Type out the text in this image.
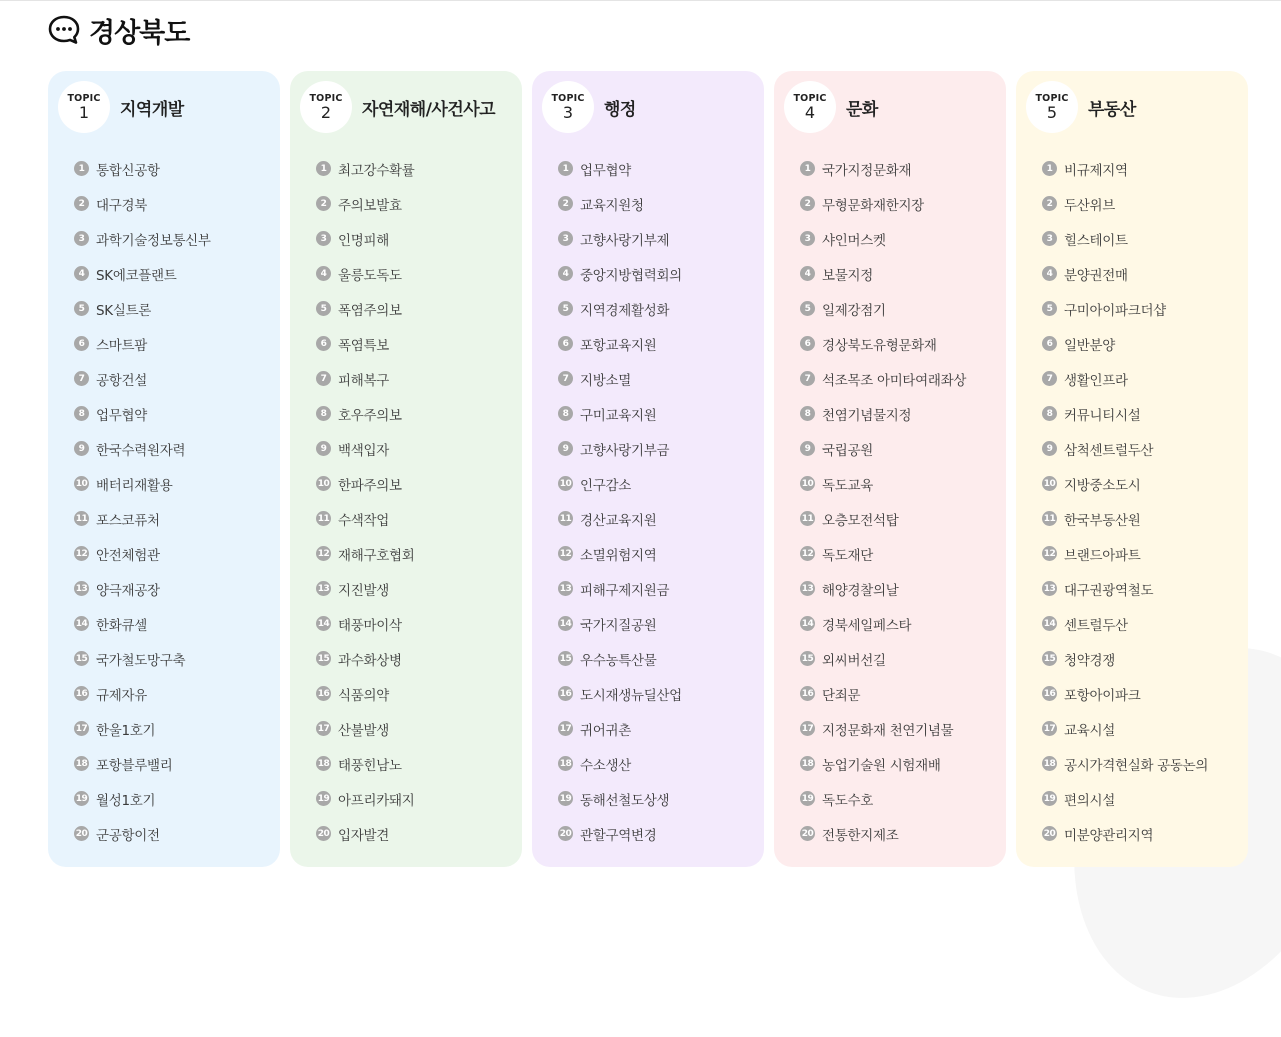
경상북도
TOPIC
1 지역개발
1 통합신공항
2 대구경북
3 과학기술정보통신부
4 SK에코플랜트
5 SK실트론
6 스마트팜
7 공항건설
8 업무협약
9 한국수력원자력
10 배터리재활용
11 포스코퓨처
12 안전체험관
13 양극재공장
14 한화큐셀
15 국가철도망구축
16 규제자유
17 한울1호기
18 포항블루밸리
19 월성1호기
20 군공항이전
TOPIC
2 자연재해/사건사고
1 최고강수확률
2 주의보발효
3 인명피해
4 울릉도독도
5 폭염주의보
6 폭염특보
7 피해복구
8 호우주의보
9 백색입자
10 한파주의보
11 수색작업
12 재해구호협회
13 지진발생
14 태풍마이삭
15 과수화상병
16 식품의약
17 산불발생
18 태풍힌남노
19 아프리카돼지
20 입자발견
TOPIC
3 행정
1 업무협약
2 교육지원청
3 고향사랑기부제
4 중앙지방협력회의
5 지역경제활성화
6 포항교육지원
7 지방소멸
8 구미교육지원
9 고향사랑기부금
10 인구감소
11 경산교육지원
12 소멸위험지역
13 피해구제지원금
14 국가지질공원
15 우수농특산물
16 도시재생뉴딜산업
17 귀어귀촌
18 수소생산
19 동해선철도상생
20 관할구역변경
TOPIC
4 문화
1 국가지정문화재
2 무형문화재한지장
3 샤인머스켓
4 보물지정
5 일제강점기
6 경상북도유형문화재
7 석조목조 아미타여래좌상
8 천염기념물지정
9 국립공원
10 독도교육
11 오층모전석탑
12 독도재단
13 해양경찰의날
14 경북세일페스타
15 외씨버선길
16 단죄문
17 지정문화재 천연기념물
18 농업기술원 시험재배
19 독도수호
20 전통한지제조
TOPIC
5 부동산
1 비규제지역
2 두산위브
3 힐스테이트
4 분양권전매
5 구미아이파크더샵
6 일반분양
7 생활인프라
8 커뮤니티시설
9 삼척센트럴두산
10 지방중소도시
11 한국부동산원
12 브랜드아파트
13 대구권광역철도
14 센트럴두산
15 청약경쟁
16 포항아이파크
17 교육시설
18 공시가격현실화 공동논의
19 편의시설
20 미분양관리지역
